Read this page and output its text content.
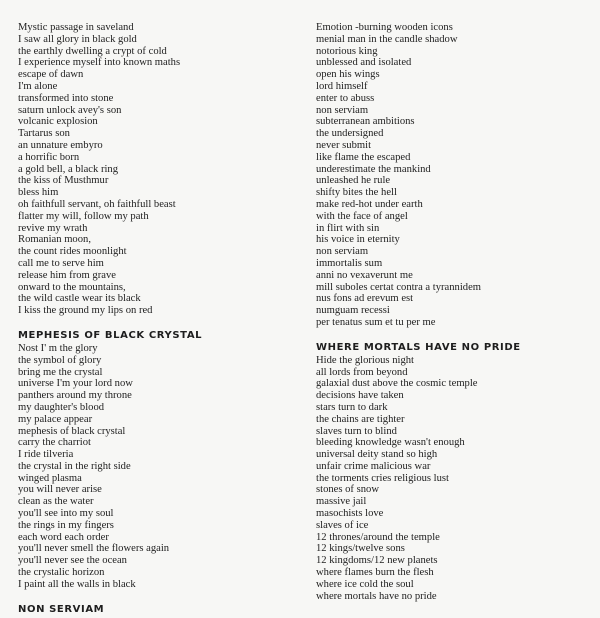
Mystic passage in saveland
I saw all glory in black gold
the earthly dwelling a crypt of cold
I experience myself into known maths
escape of dawn
I'm alone
transformed into stone
saturn unlock avey's son
volcanic explosion
Tartarus son
an unnature embyro
a horrific born
a gold bell, a black ring
the kiss of Musthmur
bless him
oh faithfull servant, oh faithfull beast
flatter my will, follow my path
revive my wrath
Romanian moon,
the count rides moonlight
call me to serve him
release him from grave
onward to the mountains,
the wild castle wear its black
I kiss the ground my lips on red
MEPHESIS OF BLACK CRYSTAL
Nost I' m the glory
the symbol of glory
bring me the crystal
universe I'm your lord now
panthers around my throne
my daughter's blood
my palace appear
mephesis of black crystal
carry the charriot
I ride tilveria
the crystal in the right side
winged plasma
you will never arise
clean as the water
you'll see into my soul
the rings in my fingers
each word each order
you'll never smell the flowers again
you'll never see the ocean
the crystalic horizon
I paint all the walls in black
NON SERVIAM
Emotion -burning wooden icons
menial man in the candle shadow
notorious king
unblessed and isolated
open his wings
lord himself
enter to abuss
non serviam
subterranean ambitions
the undersigned
never submit
like flame the escaped
underestimate the mankind
unleashed he rule
shifty bites the hell
make red-hot under earth
with the face of angel
in flirt with sin
his voice in eternity
non serviam
immortalis sum
anni no vexaverunt me
mill suboles certat contra a tyrannidem
nus fons ad erevum est
numguam recessi
per tenatus sum et tu per me
WHERE MORTALS HAVE NO PRIDE
Hide the glorious night
all lords from beyond
galaxial dust above the cosmic temple
decisions have taken
stars turn to dark
the chains are tighter
slaves turn to blind
bleeding knowledge wasn't enough
universal deity stand so high
unfair crime malicious war
the torments cries religious lust
stones of snow
massive jail
masochists love
slaves of ice
12 thrones/around the temple
12 kings/twelve sons
12 kingdoms/12 new planets
where flames burn the flesh
where ice cold the soul
where mortals have no pride
